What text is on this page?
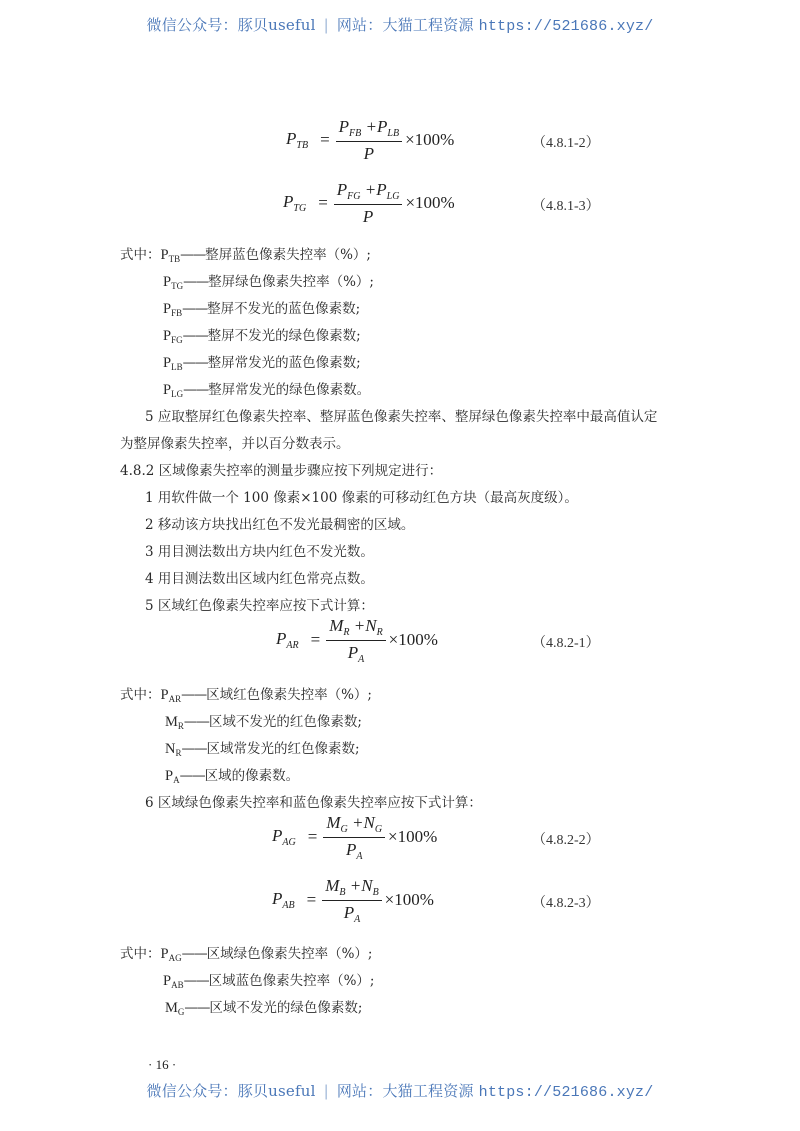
微信公众号：豚贝useful | 网站：大猫工程资源 https://521686.xyz/
$P_{TB} = \frac{P_{FB} +P_{LB}}{P} \times 100\%$	（4.8.1-2）
$P_{TG} = \frac{P_{FG} +P_{LG}}{P} \times 100\%$	（4.8.1-3）
式中：$P_{TB}——$整屏蓝色像素失控率（%）;
$P_{TG}——$整屏绿色像素失控率（%）;
$P_{FB}——$整屏不发光的蓝色像素数;
$P_{FG}——$整屏不发光的绿色像素数;
$P_{LB}——$整屏常发光的蓝色像素数;
$P_{LG}——$整屏常发光的绿色像素数。
5 应取整屏红色像素失控率、整屏蓝色像素失控率、整屏绿色像素失控率中最高值认定
为整屏像素失控率，并以百分数表示。
4.8.2 区域像素失控率的测量步骤应按下列规定进行：
1 用软件做一个 100 像素×100 像素的可移动红色方块（最高灰度级）。
2 移动该方块找出红色不发光最稠密的区域。
3 用目测法数出方块内红色不发光数。
4 用目测法数出区域内红色常亮点数。
5 区域红色像素失控率应按下式计算：
$P_{AR} = \frac{M_R +N_R}{P_A} \times 100\%$	（4.8.2-1）
式中：$P_{AR}——$区域红色像素失控率（%）;
$M_R——$区域不发光的红色像素数;
$N_R——$区域常发光的红色像素数;
$P_A——$区域的像素数。
6 区域绿色像素失控率和蓝色像素失控率应按下式计算：
$P_{AG} = \frac{M_G +N_G}{P_A} \times 100\%$	（4.8.2-2）
$P_{AB} = \frac{M_B +N_B}{P_A} \times 100\%$	（4.8.2-3）
式中：$P_{AG}——$区域绿色像素失控率（%）;
$P_{AB}——$区域蓝色像素失控率（%）;
$M_G——$区域不发光的绿色像素数;
· 16 ·
微信公众号：豚贝useful | 网站：大猫工程资源 https://521686.xyz/
